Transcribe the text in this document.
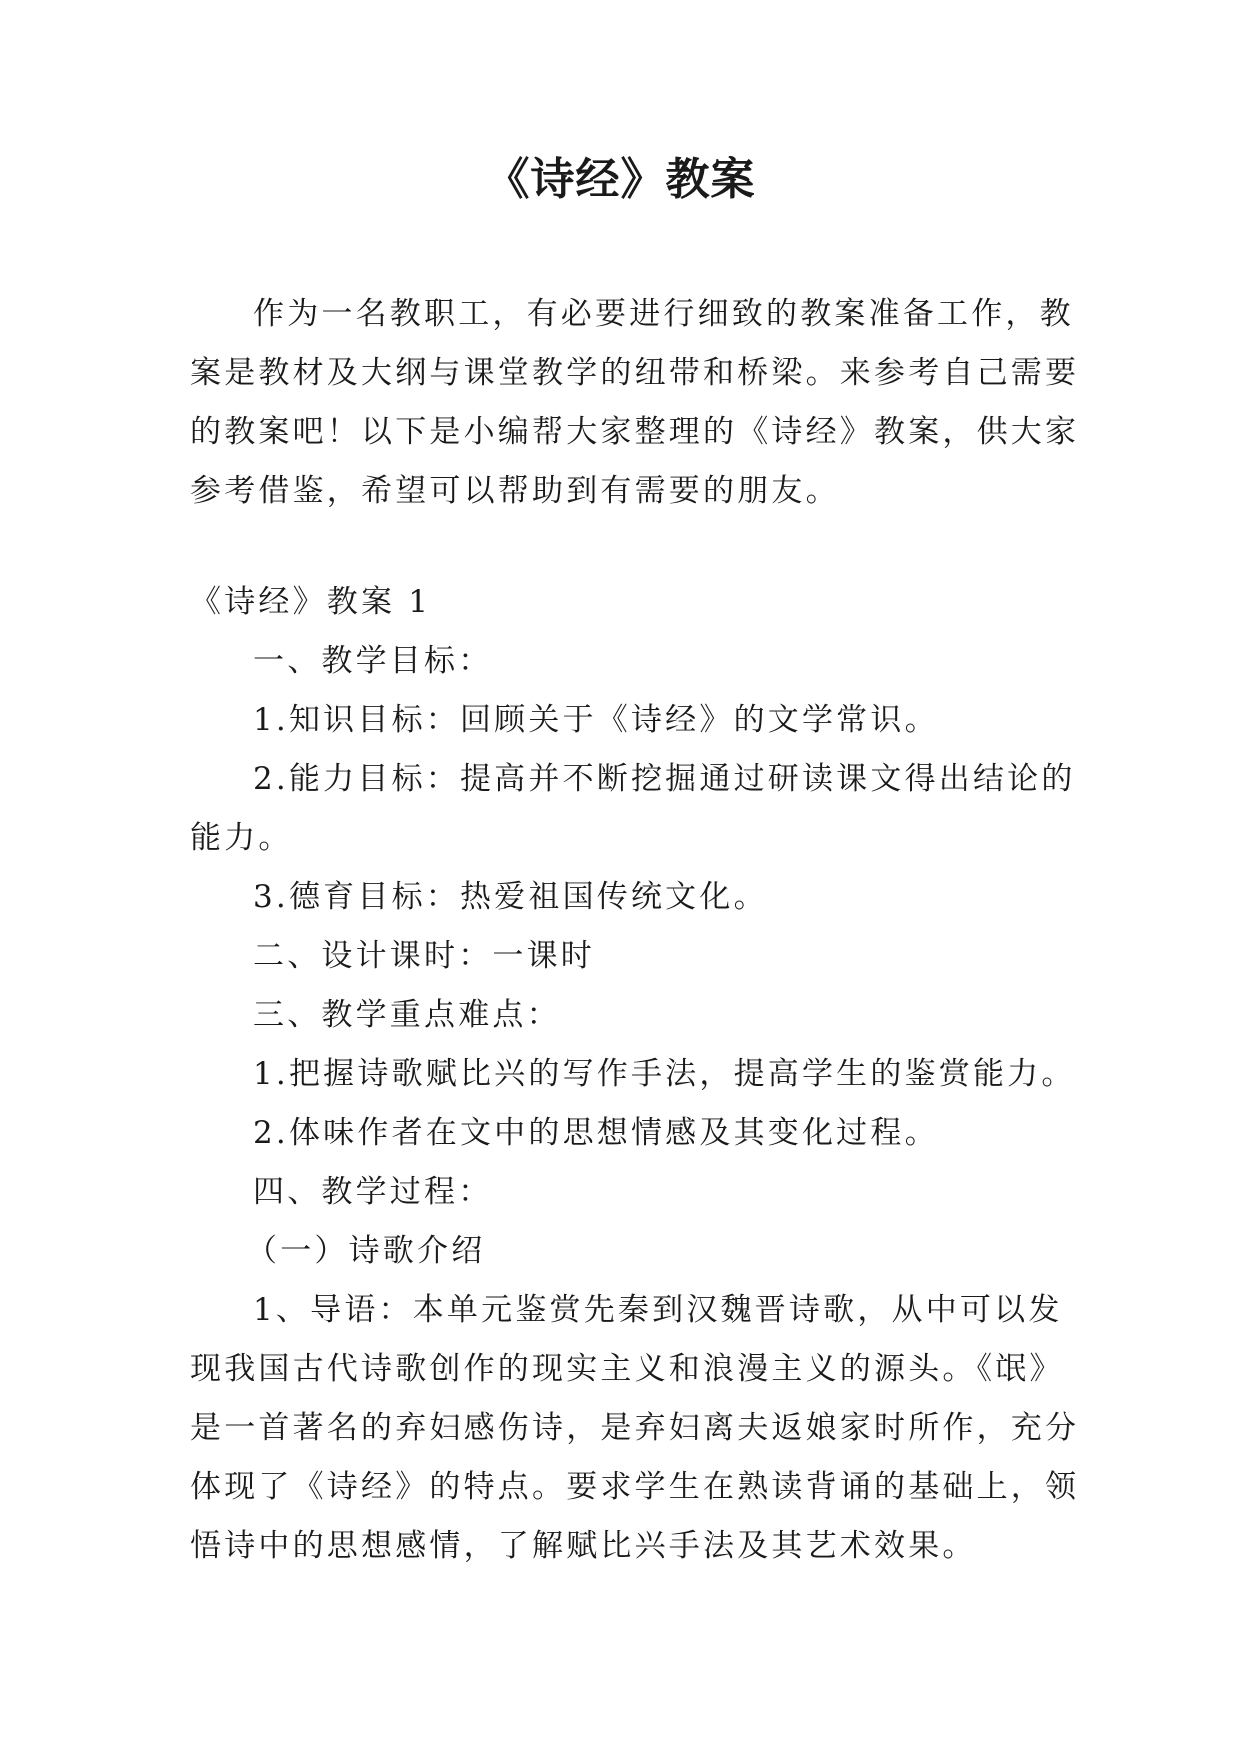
《诗经》教案

作为一名教职工，有必要进行细致的教案准备工作，教

案是教材及大纲与课堂教学的纽带和桥梁。来参考自己需要

的教案吧！以下是小编帮大家整理的《诗经》教案，供大家

参考借鉴，希望可以帮助到有需要的朋友。

《诗经》教案 1

一、教学目标：

1.知识目标：回顾关于《诗经》的文学常识。

2.能力目标：提高并不断挖掘通过研读课文得出结论的

能力。

3.德育目标：热爱祖国传统文化。

二、设计课时：一课时

三、教学重点难点：

1.把握诗歌赋比兴的写作手法，提高学生的鉴赏能力。

2.体味作者在文中的思想情感及其变化过程。

四、教学过程：

（一）诗歌介绍

1、导语：本单元鉴赏先秦到汉魏晋诗歌，从中可以发

现我国古代诗歌创作的现实主义和浪漫主义的源头。《氓》

是一首著名的弃妇感伤诗，是弃妇离夫返娘家时所作，充分

体现了《诗经》的特点。要求学生在熟读背诵的基础上，领

悟诗中的思想感情，了解赋比兴手法及其艺术效果。
